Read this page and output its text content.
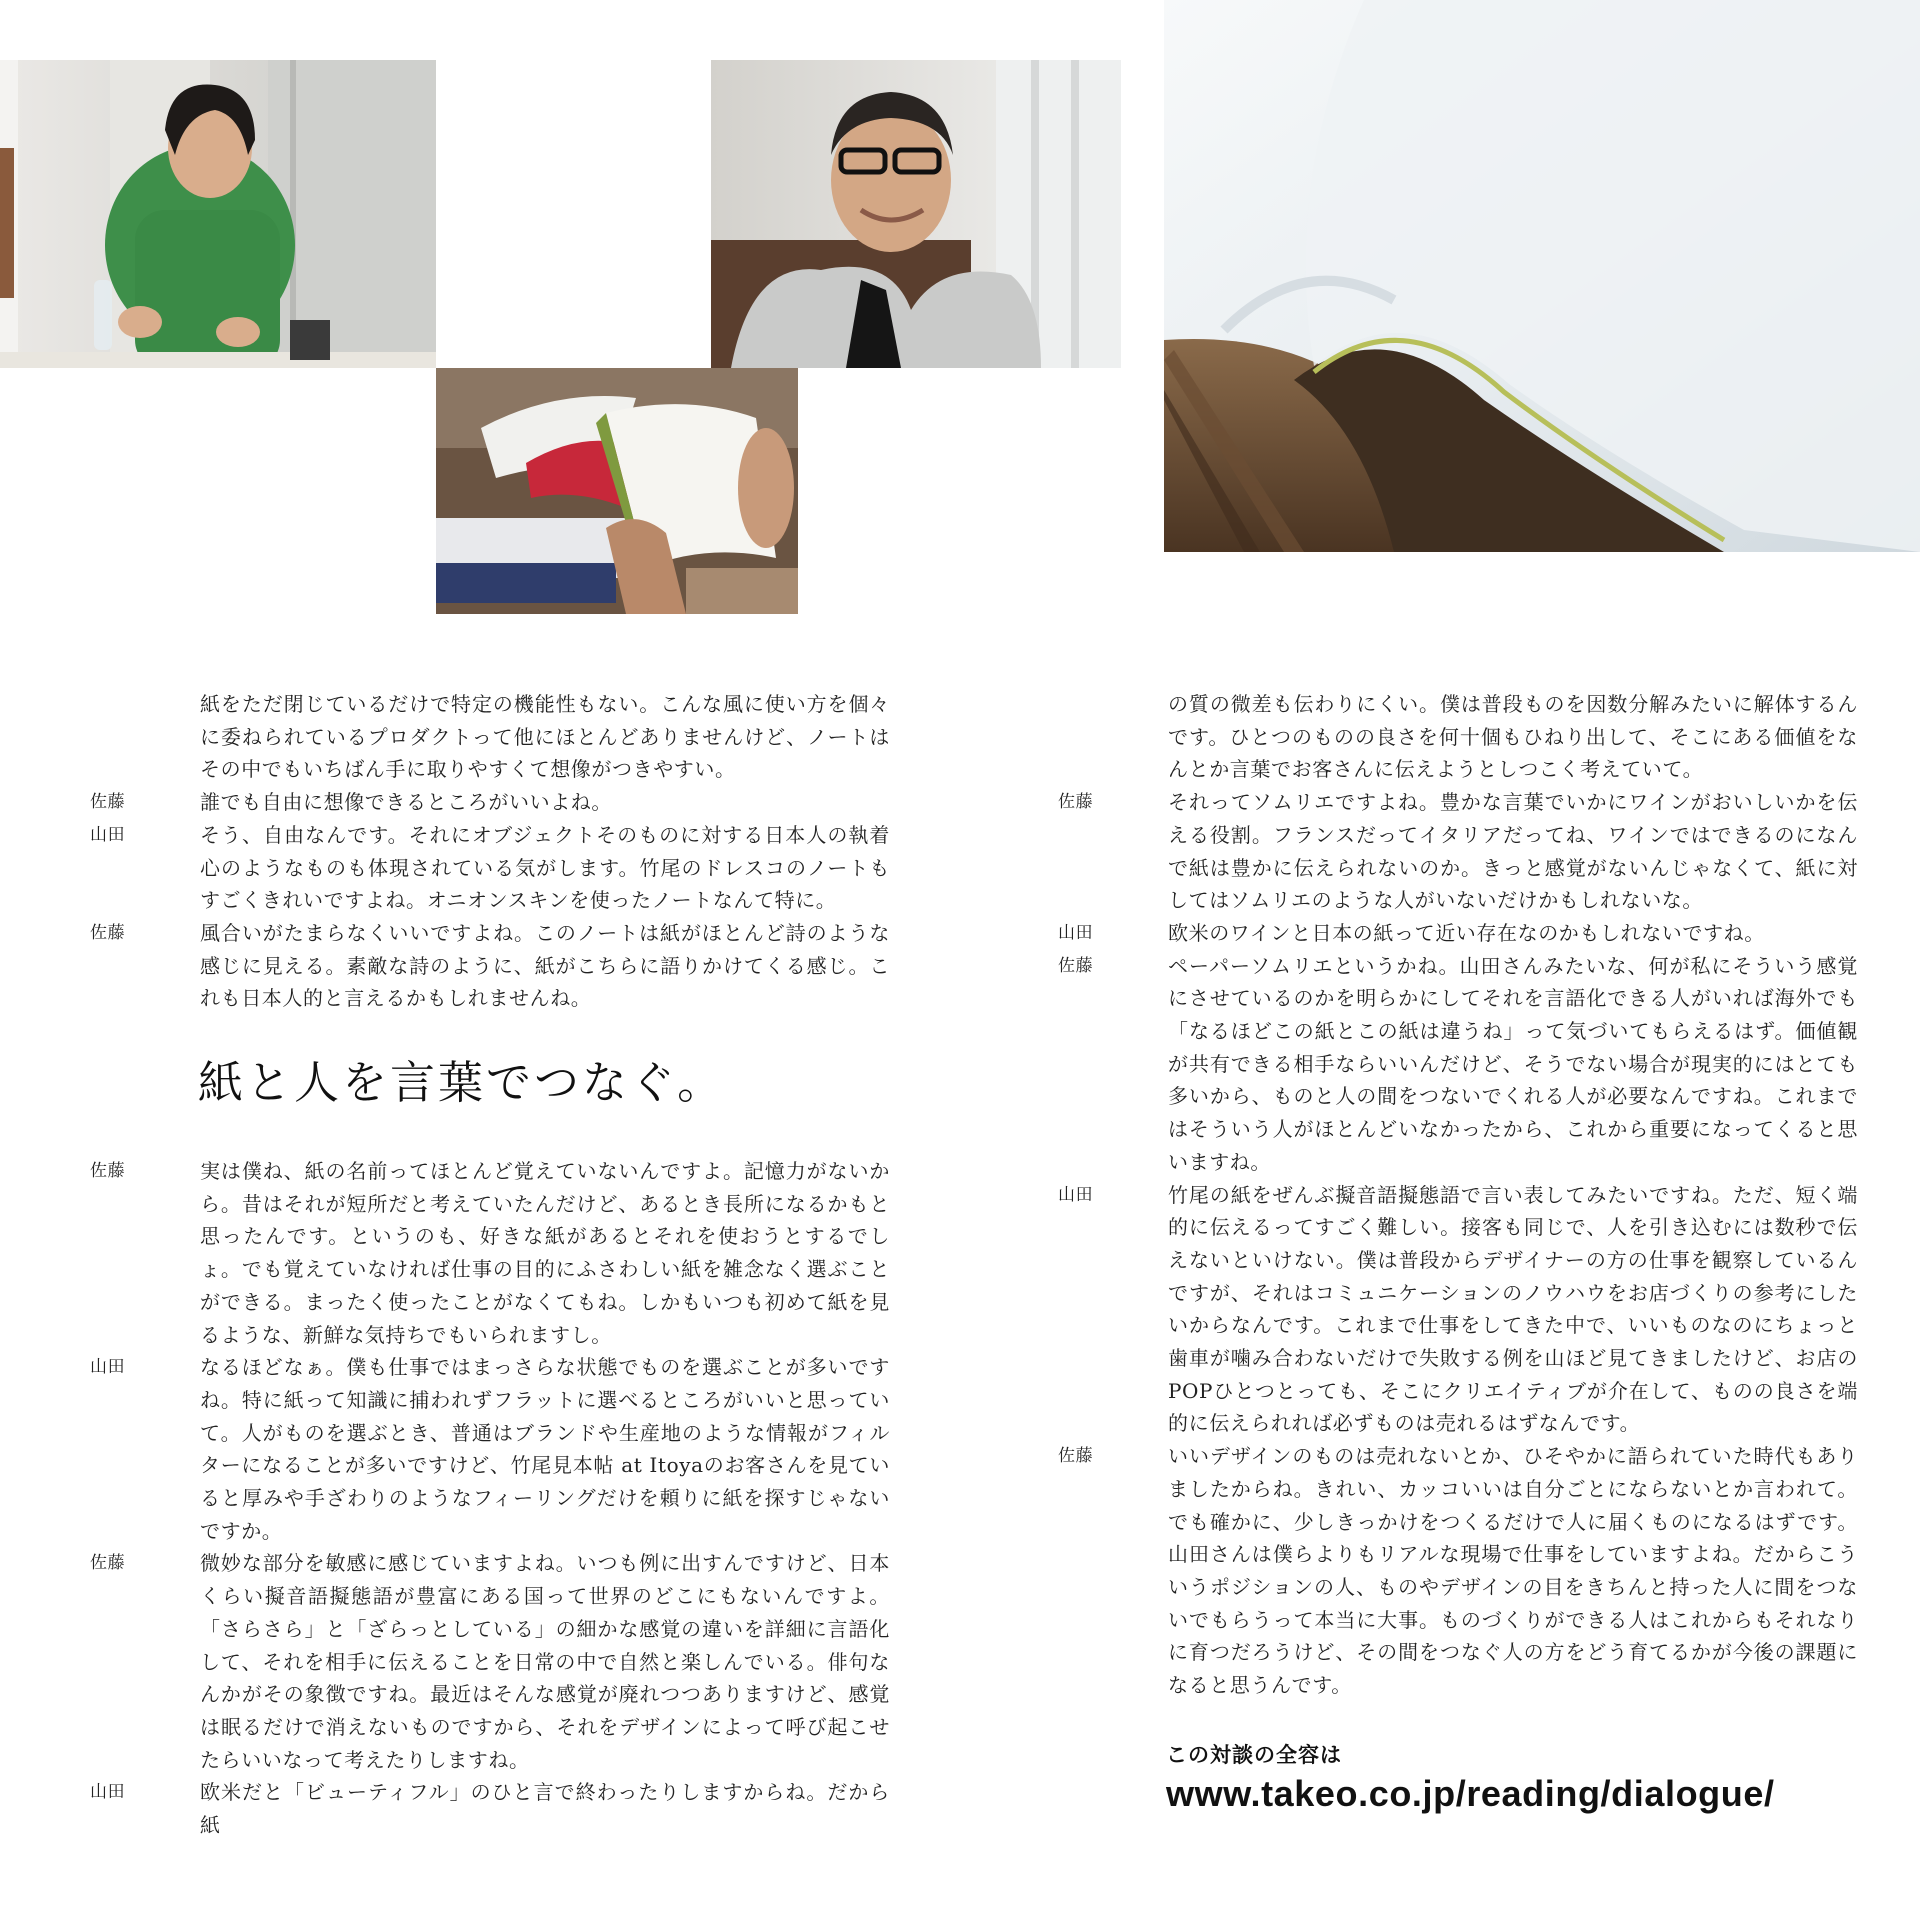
紙をただ閉じているだけで特定の機能性もない。こんな風に使い方を個々に委ねられているプロダクトって他にほとんどありませんけど、ノートはその中でもいちばん手に取りやすくて想像がつきやすい。
佐藤	誰でも自由に想像できるところがいいよね。
山田	そう、自由なんです。それにオブジェクトそのものに対する日本人の執着心のようなものも体現されている気がします。竹尾のドレスコのノートもすごくきれいですよね。オニオンスキンを使ったノートなんて特に。
佐藤	風合いがたまらなくいいですよね。このノートは紙がほとんど詩のような感じに見える。素敵な詩のように、紙がこちらに語りかけてくる感じ。これも日本人的と言えるかもしれませんね。
紙と人を言葉でつなぐ。
佐藤	実は僕ね、紙の名前ってほとんど覚えていないんですよ。記憶力がないから。昔はそれが短所だと考えていたんだけど、あるとき長所になるかもと思ったんです。というのも、好きな紙があるとそれを使おうとするでしょ。でも覚えていなければ仕事の目的にふさわしい紙を雑念なく選ぶことができる。まったく使ったことがなくてもね。しかもいつも初めて紙を見るような、新鮮な気持ちでもいられますし。
山田	なるほどなぁ。僕も仕事ではまっさらな状態でものを選ぶことが多いですね。特に紙って知識に捕われずフラットに選べるところがいいと思っていて。人がものを選ぶとき、普通はブランドや生産地のような情報がフィルターになることが多いですけど、竹尾見本帖 at Itoyaのお客さんを見ていると厚みや手ざわりのようなフィーリングだけを頼りに紙を探すじゃないですか。
佐藤	微妙な部分を敏感に感じていますよね。いつも例に出すんですけど、日本くらい擬音語擬態語が豊富にある国って世界のどこにもないんですよ。「さらさら」と「ざらっとしている」の細かな感覚の違いを詳細に言語化して、それを相手に伝えることを日常の中で自然と楽しんでいる。俳句なんかがその象徴ですね。最近はそんな感覚が廃れつつありますけど、感覚は眠るだけで消えないものですから、それをデザインによって呼び起こせたらいいなって考えたりしますね。
山田	欧米だと「ビューティフル」のひと言で終わったりしますからね。だから紙
の質の微差も伝わりにくい。僕は普段ものを因数分解みたいに解体するんです。ひとつのものの良さを何十個もひねり出して、そこにある価値をなんとか言葉でお客さんに伝えようとしつこく考えていて。
佐藤	それってソムリエですよね。豊かな言葉でいかにワインがおいしいかを伝える役割。フランスだってイタリアだってね、ワインではできるのになんで紙は豊かに伝えられないのか。きっと感覚がないんじゃなくて、紙に対してはソムリエのような人がいないだけかもしれないな。
山田	欧米のワインと日本の紙って近い存在なのかもしれないですね。
佐藤	ペーパーソムリエというかね。山田さんみたいな、何が私にそういう感覚にさせているのかを明らかにしてそれを言語化できる人がいれば海外でも「なるほどこの紙とこの紙は違うね」って気づいてもらえるはず。価値観が共有できる相手ならいいんだけど、そうでない場合が現実的にはとても多いから、ものと人の間をつないでくれる人が必要なんですね。これまではそういう人がほとんどいなかったから、これから重要になってくると思いますね。
山田	竹尾の紙をぜんぶ擬音語擬態語で言い表してみたいですね。ただ、短く端的に伝えるってすごく難しい。接客も同じで、人を引き込むには数秒で伝えないといけない。僕は普段からデザイナーの方の仕事を観察しているんですが、それはコミュニケーションのノウハウをお店づくりの参考にしたいからなんです。これまで仕事をしてきた中で、いいものなのにちょっと歯車が噛み合わないだけで失敗する例を山ほど見てきましたけど、お店のPOPひとつとっても、そこにクリエイティブが介在して、ものの良さを端的に伝えられれば必ずものは売れるはずなんです。
佐藤	いいデザインのものは売れないとか、ひそやかに語られていた時代もありましたからね。きれい、カッコいいは自分ごとにならないとか言われて。でも確かに、少しきっかけをつくるだけで人に届くものになるはずです。山田さんは僕らよりもリアルな現場で仕事をしていますよね。だからこういうポジションの人、ものやデザインの目をきちんと持った人に間をつないでもらうって本当に大事。ものづくりができる人はこれからもそれなりに育つだろうけど、その間をつなぐ人の方をどう育てるかが今後の課題になると思うんです。
この対談の全容は
www.takeo.co.jp/reading/dialogue/
